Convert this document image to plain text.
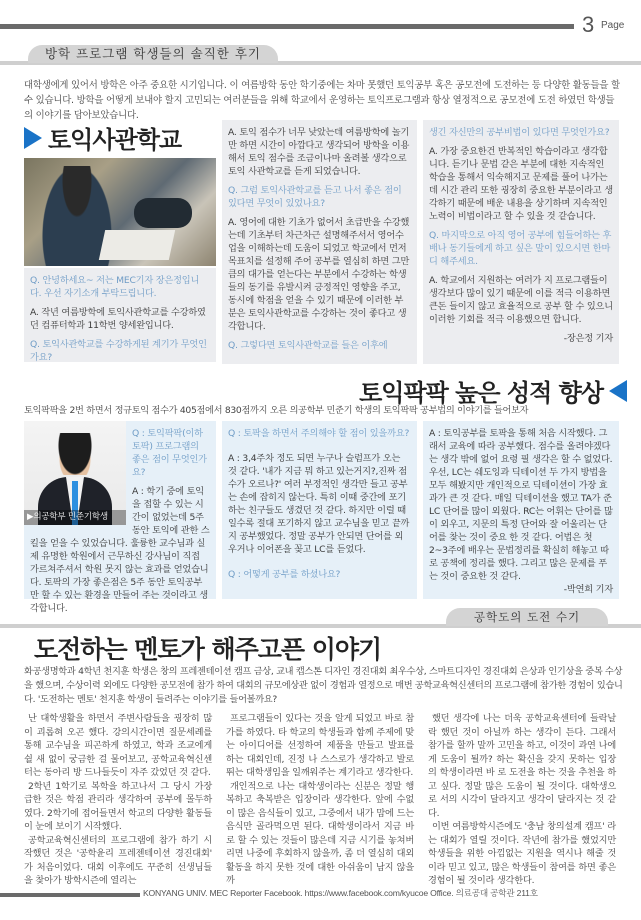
3 Page
방학 프로그램 학생들의 솔직한 후기
대학생에게 있어서 방학은 아주 중요한 시기입니다. 이 여름방학 동안 학기중에는 차마 못했던 토익공부 혹은 공모전에 도전하는 등 다양한 활동들을 할 수 있습니다. 방학을 어떻게 보내야 할지 고민되는 여러분들을 위해 학교에서 운영하는 토익프로그램과 항상 열정적으로 공모전에 도전 하였던 학생들의 이야기를 담아보았습니다.
토익사관학교
Q. 안녕하세요~ 저는 MEC기자 장은정입니다. 우선 자기소개 부탁드립니다.
A. 작년 여름방학에 토익사관학교를 수강하였던 컴퓨터학과 11학번 양세완입니다.
Q. 토익사관학교를 수강하게된 계기가 무엇인가요?
A. 토익 점수가 너무 낮았는데 여름방학에 놀기만 하면 시간이 아깝다고 생각되어 방학을 이용해서 토익 점수를 조금이나마 올려볼 생각으로 토익 사관학교를 듣게 되었습니다.
Q. 그럼 토익사관학교를 듣고 나서 좋은 점이 있다면 무엇이 있었나요?
A. 영어에 대한 기초가 없어서 초급반을 수강했는데 기초부터 차근차근 설명해주서서 영어수업을 이해하는데 도움이 되었고 학교에서 먼저 목표치를 설정해 주어 공부를 열심히 하면 그만큼의 대가를 얻는다는 부분에서 수강하는 학생들의 동기를 유발시켜 긍정적인 영향을 주고, 동시에 학점을 얻을 수 있기 때문에 이러한 부분은 토익사관학교를 수강하는 것이 좋다고 생각합니다.
Q. 그렇다면 토익사관학교를 들은 이후에
생긴 자신만의 공부비법이 있다면 무엇인가요?
A. 가장 중요한건 반복적인 학습이라고 생각합니다. 듣기나 문법 같은 부분에 대한 지속적인 학습을 통해서 익숙해지고 문제를 풀어 나가는데 시간 관리 또한 굉장히 중요한 부분이라고 생각하기 때문에 배운 내용을 상기하며 지속적인 노력이 비법이라고 할 수 있을 것 같습니다.
Q. 마지막으로 아직 영어 공부에 힘들어하는 후배나 동기들에게 하고 싶은 말이 있으시면 한마디 해주세요.
A. 학교에서 지원하는 여러가 지 프로그램들이 생각보다 많이 있기 때문에 이를 적극 이용하면 큰돈 들이지 않고 효율적으로 공부 할 수 있으니 이러한 기회를 적극 이용했으면 합니다.
-장은정 기자
토익팍팍 높은 성적 향상
토익팍팍을 2번 하면서 정규토익 점수가 405점에서 830점까지 오른 의공학부 민준기 학생의 토익팍팍 공부법의 이야기를 들어보자
▶의공학부 민준기학생
Q : 토익팍팍(이하 토팍) 프로그램의 좋은 점이 무엇인가요?
A : 학기 중에 토익을 접할 수 있는 시간이 없었는데 5주 동안 토익에 관한 스킬을 얻을 수 있었습니다. 훌륭한 교수님과 실제 유명한 학원에서 근무하신 강사님이 직접 가르쳐주셔서 학원 못지 않는 효과를 얻었습니다. 토팍의 가장 좋은점은 5주 동안 토익공부만 할 수 있는 환경을 만들어 주는 것이라고 생각합니다.
Q : 토팍을 하면서 주의해야 할 점이 있을까요?
A : 3,4주차 정도 되면 누구나 슬럼프가 오는 것 같다. '내가 지금 뭐 하고 있는거지?,진짜 점수가 오르나?' 여러 부정적인 생각만 들고 공부는 손에 잡히지 않는다. 특히 이때 중간에 포기하는 친구들도 생겼던 것 같다. 하지만 이럴 때일수록 절대 포기하지 않고 교수님을 믿고 끝까지 공부했었다. 정말 공부가 안되면 단어를 외우거나 이어폰을 꽂고 LC를 듣었다.
Q : 어떻게 공부를 하셨나요?
A : 토익공부를 토팍을 통해 처음 시작했다. 그래서 교육에 따라 공부했다. 점수를 올려야겠다는 생각 밖에 없어 요령 필 생각은 할 수 없었다. 우선, LC는 쉐도잉과 딕테이션 두 가지 방법을 모두 해봤지만 개인적으로 딕테이션이 가장 효과가 큰 것 같다. 매일 딕테이션을 했고 TA가 준 LC 단어를 많이 외웠다. RC는 어휘는 단어를 많이 외우고, 지문의 특정 단어와 잘 어울리는 단어를 찾는 것이 중요 한 것 같다. 어법은 첫 2~3주에 배우는 문법정리를 확실히 해놓고 따로 공책에 정리를 했다. 그리고 많은 문제를 푸는 것이 중요한 것 같다.
-박연희 기자
공학도의 도전 수기
도전하는 멘토가 해주고픈 이야기
화공생명학과 4학년 천지훈 학생은 창의 프레젠테이션 캠프 금상, 교내 캡스톤 디자인 경진대회 최우수상, 스마트디자인 경진대회 은상과 인기상을 중복 수상을 했으며, 수상이력 외에도 다양한 공모전에 참가 하여 대회의 규모에상관 없이 경험과 열정으로 매번 공학교육혁신센터의 프로그램에 참가한 경험이 있습니다. '도전하는 멘토' 천지훈 학생이 들려주는 이야기를 들어볼까요?

난 대학생활을 하면서 주변사람들을 굉장히 많이 괴롭혀 오곤 했다. 강의시간이면 질문세례를 통해 교수님을 피곤하게 하였고, 학과 조교에게 쉴 새 없이 궁금한 걸 물어보고, 공학교육혁신센터는 동아리 방 드나들듯이 자주 갔었던 것 같다.

2학년 1학기로 복학을 하고나서 그 당시 가장 급한 것은 학점 관리라 생각하여 공부에 몰두하였다. 2학기에 접어들면서 학교의 다양한 활동들이 눈에 보이기 시작했다.

공학교육혁신센터의 프로그램에 참가 하기 시작했던 것은 '공학윤리 프레젠테이션 경진대회' 가 처음이었다. 대회 이후에도 꾸준히 선생님들을 찾아가 방학시즌에 열리는

프로그램들이 있다는 것을 알게 되었고 바로 참가를 하였다. 타 학교의 학생들과 함께 주제에 맞는 아이디어를 선정하여 제품을 만들고 발표를 하는 대회인데, 진정 나 스스로가 생각하고 발로 뛰는 대학생임을 일깨워주는 계기라고 생각한다.

개인적으로 나는 대학생이라는 신분은 정말 행복하고 축복받은 입장이라 생각한다. 앞에 수없이 많은 음식들이 있고, 그중에서 내가 맘에 드는 음식만 골라먹으면 된다. 대학생이라서 지금 바로 할 수 있는 것들이 많은데 지금 시기를 놓쳐버리면 나중에 후회하지 않을까, 좀 더 열심히 대외활동을 하지 못한 것에 대한 아쉬움이 남지 않을까

했던 생각에 나는 더욱 공학교육센터에 들락날락 했던 것이 아닐까 하는 생각이 든다. 그래서 참가를 할까 말까 고민을 하고, 이것이 과연 나에게 도움이 될까? 하는 확신을 갖지 못하는 입장의 학생이라면 바 로 도전을 하는 것을 추천을 하고 싶다. 정말 많은 도움이 될 것이다. 대학생으로 서의 시각이 달라지고 생각이 달라지는 것 같다.

이번 여름방학시즌에도 '충남 창의설계 캠프' 라는 대회가 열릴 것이다. 작년에 참가를 했었지만 학생들을 위한 아낌없는 지원을 역시나 해줄 것이라 믿고 있고, 많은 학생들이 참여를 하면 좋은 경험이 될 것이라 생각한다.

KONYANG UNIV. MEC Reporter Facebook. https://www.facebook.com/kyucoe Office. 의료공대 공학관 211호
